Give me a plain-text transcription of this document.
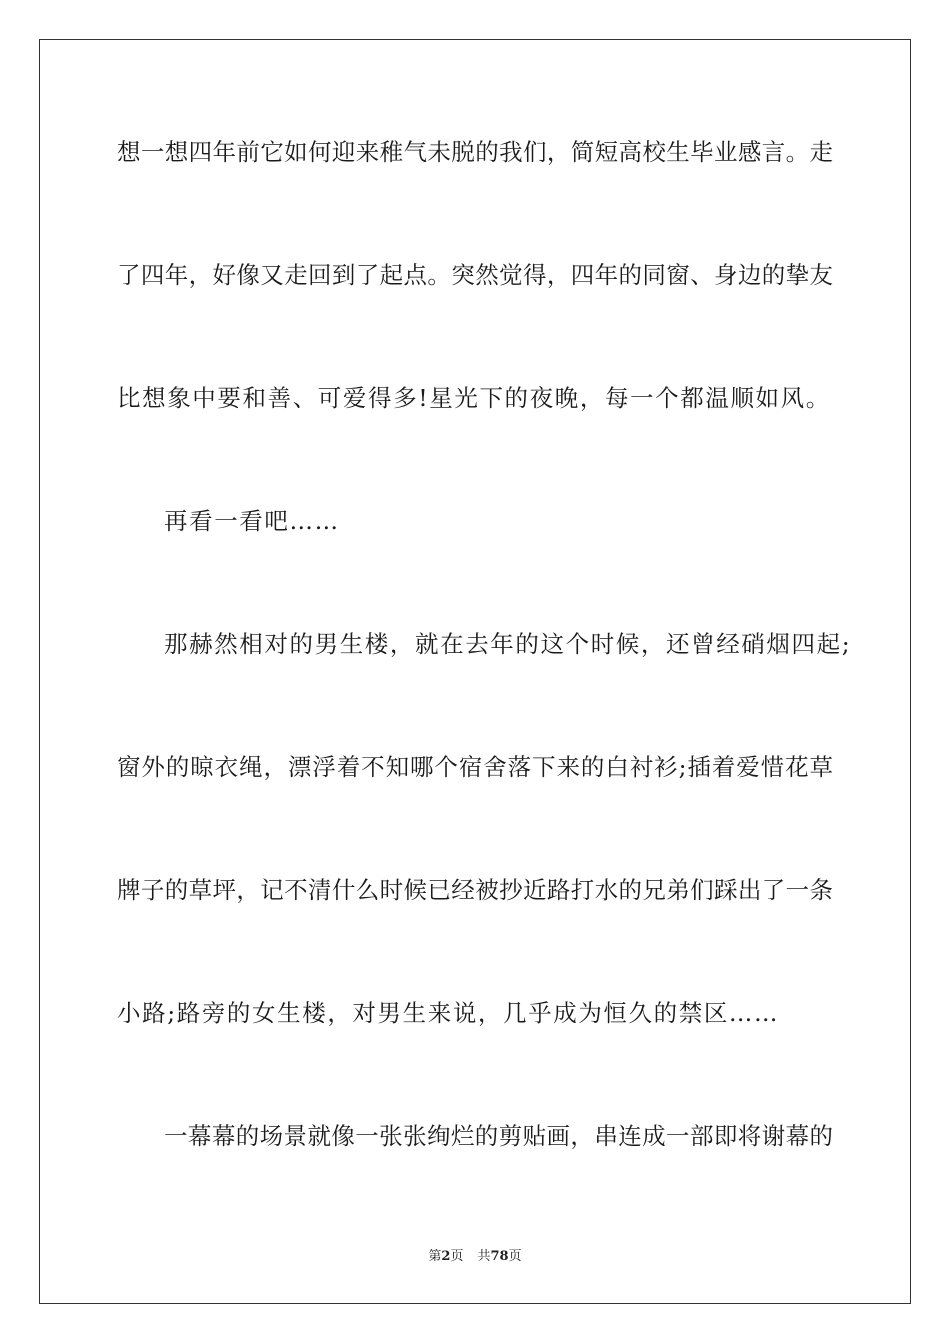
想一想四年前它如何迎来稚气未脱的我们，简短高校生毕业感言。走
了四年，好像又走回到了起点。突然觉得，四年的同窗、身边的挚友
比想象中要和善、可爱得多!星光下的夜晚，每一个都温顺如风。
再看一看吧……
那赫然相对的男生楼，就在去年的这个时候，还曾经硝烟四起;
窗外的晾衣绳，漂浮着不知哪个宿舍落下来的白衬衫;插着爱惜花草
牌子的草坪，记不清什么时候已经被抄近路打水的兄弟们踩出了一条
小路;路旁的女生楼，对男生来说，几乎成为恒久的禁区……
一幕幕的场景就像一张张绚烂的剪贴画，串连成一部即将谢幕的
第2页 共78页
